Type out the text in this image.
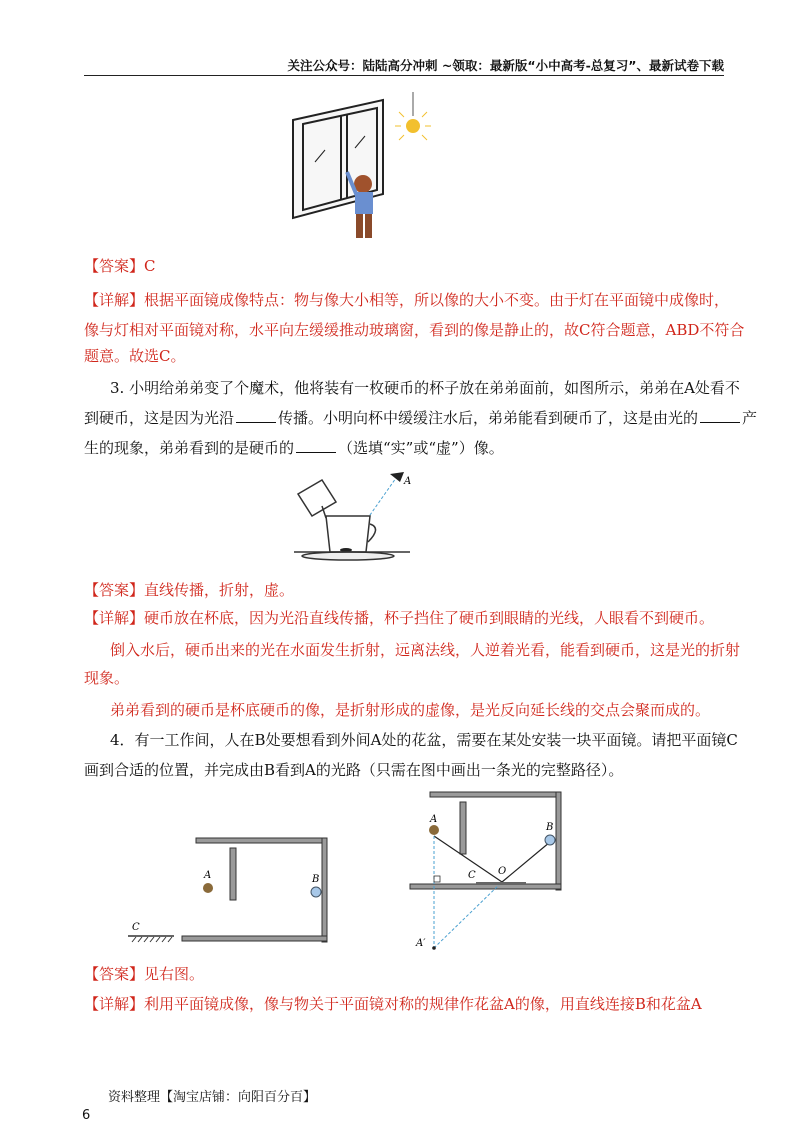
关注公众号：陆陆高分冲刺 ~领取：最新版“小中高考-总复习”、最新试卷下载
【答案】C
【详解】根据平面镜成像特点：物与像大小相等，所以像的大小不变。由于灯在平面镜中成像时，
像与灯相对平面镜对称，水平向左缓缓推动玻璃窗，看到的像是静止的，故C符合题意，ABD不符合
题意。故选C。
3. 小明给弟弟变了个魔术，他将装有一枚硬币的杯子放在弟弟面前，如图所示，弟弟在A处看不
到硬币，这是因为光沿	传播。小明向杯中缓缓注水后，弟弟能看到硬币了，这是由光的	产
生的现象，弟弟看到的是硬币的	（选填“实”或“虚”）像。
A
【答案】直线传播，折射，虚。
【详解】硬币放在杯底，因为光沿直线传播，杯子挡住了硬币到眼睛的光线，人眼看不到硬币。
倒入水后，硬币出来的光在水面发生折射，远离法线，人逆着光看，能看到硬币，这是光的折射
现象。
弟弟看到的硬币是杯底硬币的像，是折射形成的虚像，是光反向延长线的交点会聚而成的。
4．有一工作间，人在B处要想看到外间A处的花盆，需要在某处安装一块平面镜。请把平面镜C
画到合适的位置，并完成由B看到A的光路（只需在图中画出一条光的完整路径）。
A	B
C
A
B
C O
A′
【答案】见右图。
【详解】利用平面镜成像，像与物关于平面镜对称的规律作花盆A的像，用直线连接B和花盆A
资料整理【淘宝店铺：向阳百分百】
6
